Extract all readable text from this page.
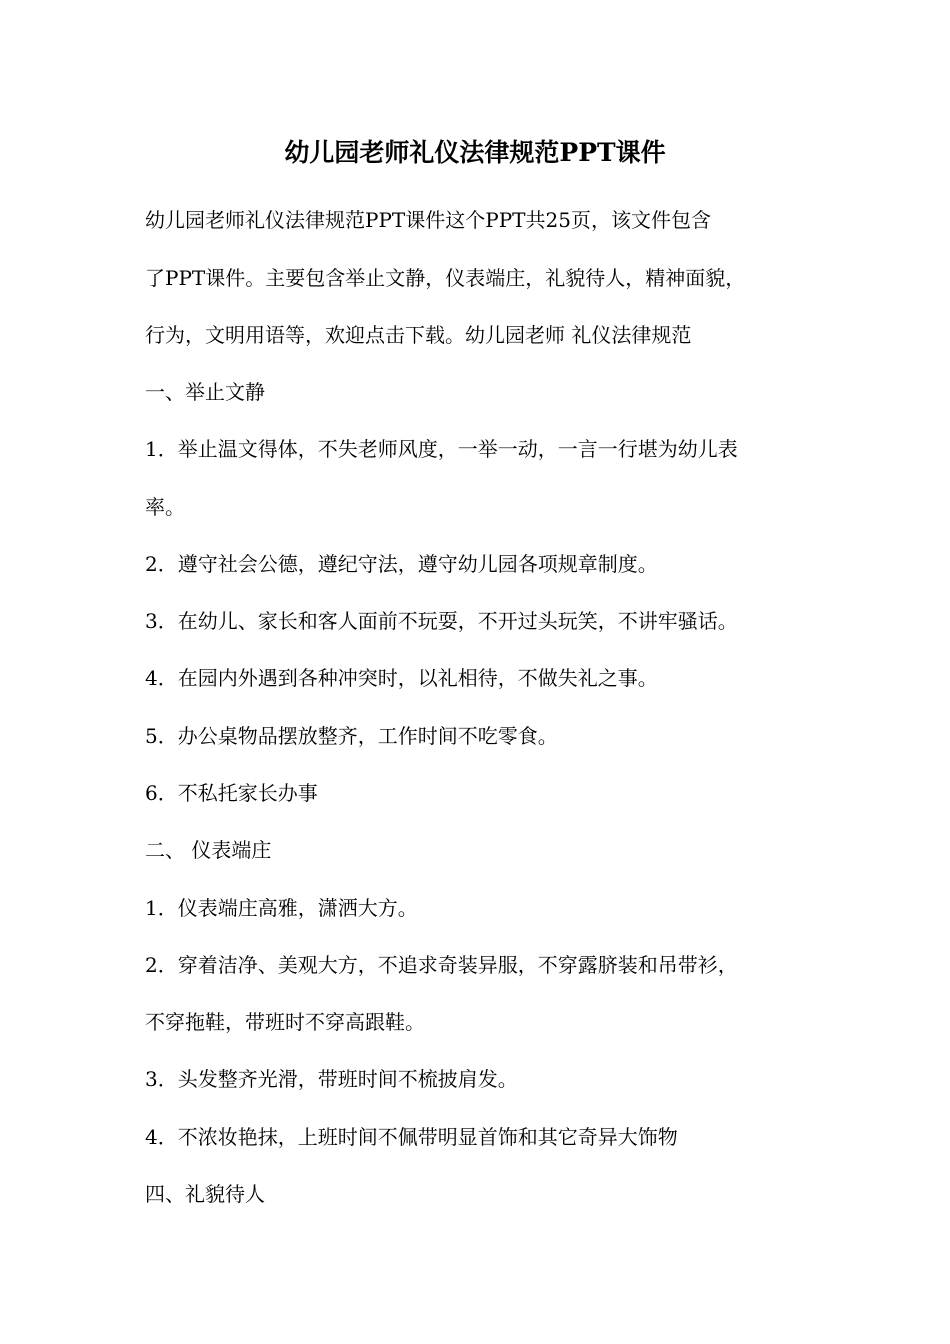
幼儿园老师礼仪法律规范PPT课件
幼儿园老师礼仪法律规范PPT课件这个PPT共25页，该文件包含
了PPT课件。主要包含举止文静，仪表端庄，礼貌待人，精神面貌，
行为，文明用语等，欢迎点击下载。幼儿园老师 礼仪法律规范
一、举止文静
1．举止温文得体，不失老师风度，一举一动，一言一行堪为幼儿表
率。
2．遵守社会公德，遵纪守法，遵守幼儿园各项规章制度。
3．在幼儿、家长和客人面前不玩耍，不开过头玩笑，不讲牢骚话。
4．在园内外遇到各种冲突时，以礼相待，不做失礼之事。
5．办公桌物品摆放整齐，工作时间不吃零食。
6．不私托家长办事
二、 仪表端庄
1．仪表端庄高雅，潇洒大方。
2．穿着洁净、美观大方，不追求奇装异服，不穿露脐装和吊带衫，
不穿拖鞋，带班时不穿高跟鞋。
3．头发整齐光滑，带班时间不梳披肩发。
4．不浓妆艳抹，上班时间不佩带明显首饰和其它奇异大饰物
四、礼貌待人
